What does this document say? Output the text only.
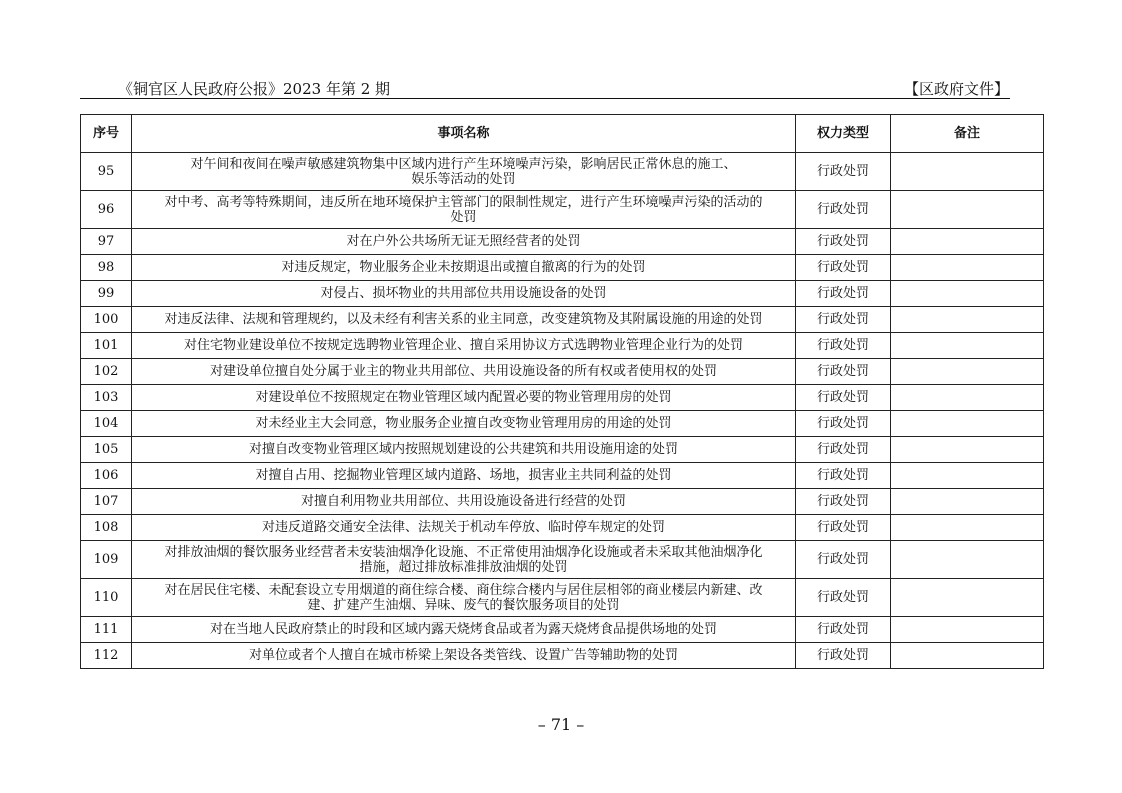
《铜官区人民政府公报》2023 年第 2 期	【区政府文件】
序号	事项名称	权力类型	备注
95	对午间和夜间在噪声敏感建筑物集中区域内进行产生环境噪声污染，影响居民正常休息的施工、
娱乐等活动的处罚	行政处罚	
96	对中考、高考等特殊期间，违反所在地环境保护主管部门的限制性规定，进行产生环境噪声污染的活动的
处罚	行政处罚	
97	对在户外公共场所无证无照经营者的处罚	行政处罚	
98	对违反规定，物业服务企业未按期退出或擅自撤离的行为的处罚	行政处罚	
99	对侵占、损坏物业的共用部位共用设施设备的处罚	行政处罚	
100	对违反法律、法规和管理规约，以及未经有利害关系的业主同意，改变建筑物及其附属设施的用途的处罚	行政处罚	
101	对住宅物业建设单位不按规定选聘物业管理企业、擅自采用协议方式选聘物业管理企业行为的处罚	行政处罚	
102	对建设单位擅自处分属于业主的物业共用部位、共用设施设备的所有权或者使用权的处罚	行政处罚	
103	对建设单位不按照规定在物业管理区域内配置必要的物业管理用房的处罚	行政处罚	
104	对未经业主大会同意，物业服务企业擅自改变物业管理用房的用途的处罚	行政处罚	
105	对擅自改变物业管理区域内按照规划建设的公共建筑和共用设施用途的处罚	行政处罚	
106	对擅自占用、挖掘物业管理区域内道路、场地，损害业主共同利益的处罚	行政处罚	
107	对擅自利用物业共用部位、共用设施设备进行经营的处罚	行政处罚	
108	对违反道路交通安全法律、法规关于机动车停放、临时停车规定的处罚	行政处罚	
109	对排放油烟的餐饮服务业经营者未安装油烟净化设施、不正常使用油烟净化设施或者未采取其他油烟净化
措施，超过排放标准排放油烟的处罚	行政处罚	
110	对在居民住宅楼、未配套设立专用烟道的商住综合楼、商住综合楼内与居住层相邻的商业楼层内新建、改
建、扩建产生油烟、异味、废气的餐饮服务项目的处罚	行政处罚	
111	对在当地人民政府禁止的时段和区域内露天烧烤食品或者为露天烧烤食品提供场地的处罚	行政处罚	
112	对单位或者个人擅自在城市桥梁上架设各类管线、设置广告等辅助物的处罚	行政处罚	
– 71 –
